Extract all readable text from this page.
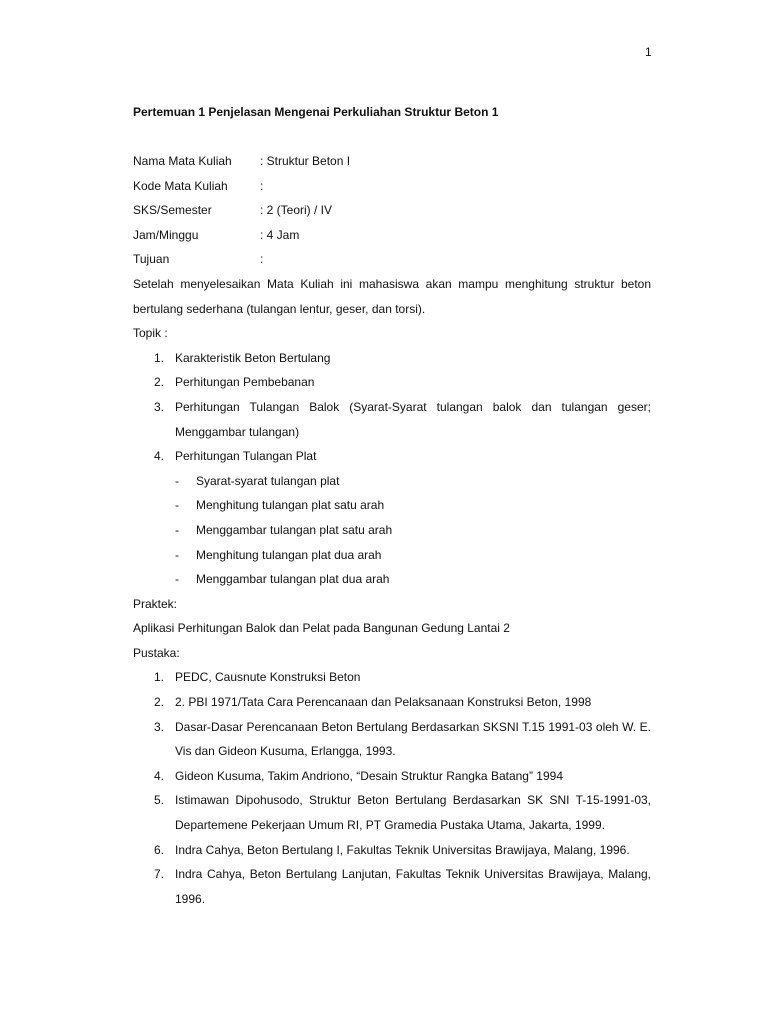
1
Pertemuan 1 Penjelasan Mengenai Perkuliahan Struktur Beton 1
Nama Mata Kuliah	: Struktur Beton I
Kode Mata Kuliah	:
SKS/Semester	: 2 (Teori) / IV
Jam/Minggu	: 4 Jam
Tujuan	:

Setelah menyelesaikan Mata Kuliah ini mahasiswa akan mampu menghitung struktur beton bertulang sederhana (tulangan lentur, geser, dan torsi).

Topik :
1. Karakteristik Beton Bertulang
2. Perhitungan Pembebanan
3. Perhitungan Tulangan Balok (Syarat-Syarat tulangan balok dan tulangan geser; Menggambar tulangan)
4. Perhitungan Tulangan Plat
- Syarat-syarat tulangan plat
- Menghitung tulangan plat satu arah
- Menggambar tulangan plat satu arah
- Menghitung tulangan plat dua arah
- Menggambar tulangan plat dua arah
Praktek:

Aplikasi Perhitungan Balok dan Pelat pada Bangunan Gedung Lantai 2

Pustaka:
1. PEDC, Causnute Konstruksi Beton
2. 2. PBI 1971/Tata Cara Perencanaan dan Pelaksanaan Konstruksi Beton, 1998
3. Dasar-Dasar Perencanaan Beton Bertulang Berdasarkan SKSNI T.15 1991-03 oleh W. E. Vis dan Gideon Kusuma, Erlangga, 1993.
4. Gideon Kusuma, Takim Andriono, “Desain Struktur Rangka Batang” 1994
5. Istimawan Dipohusodo, Struktur Beton Bertulang Berdasarkan SK SNI T-15-1991-03, Departemene Pekerjaan Umum RI, PT Gramedia Pustaka Utama, Jakarta, 1999.
6. Indra Cahya, Beton Bertulang I, Fakultas Teknik Universitas Brawijaya, Malang, 1996.
7. Indra Cahya, Beton Bertulang Lanjutan, Fakultas Teknik Universitas Brawijaya, Malang, 1996.
